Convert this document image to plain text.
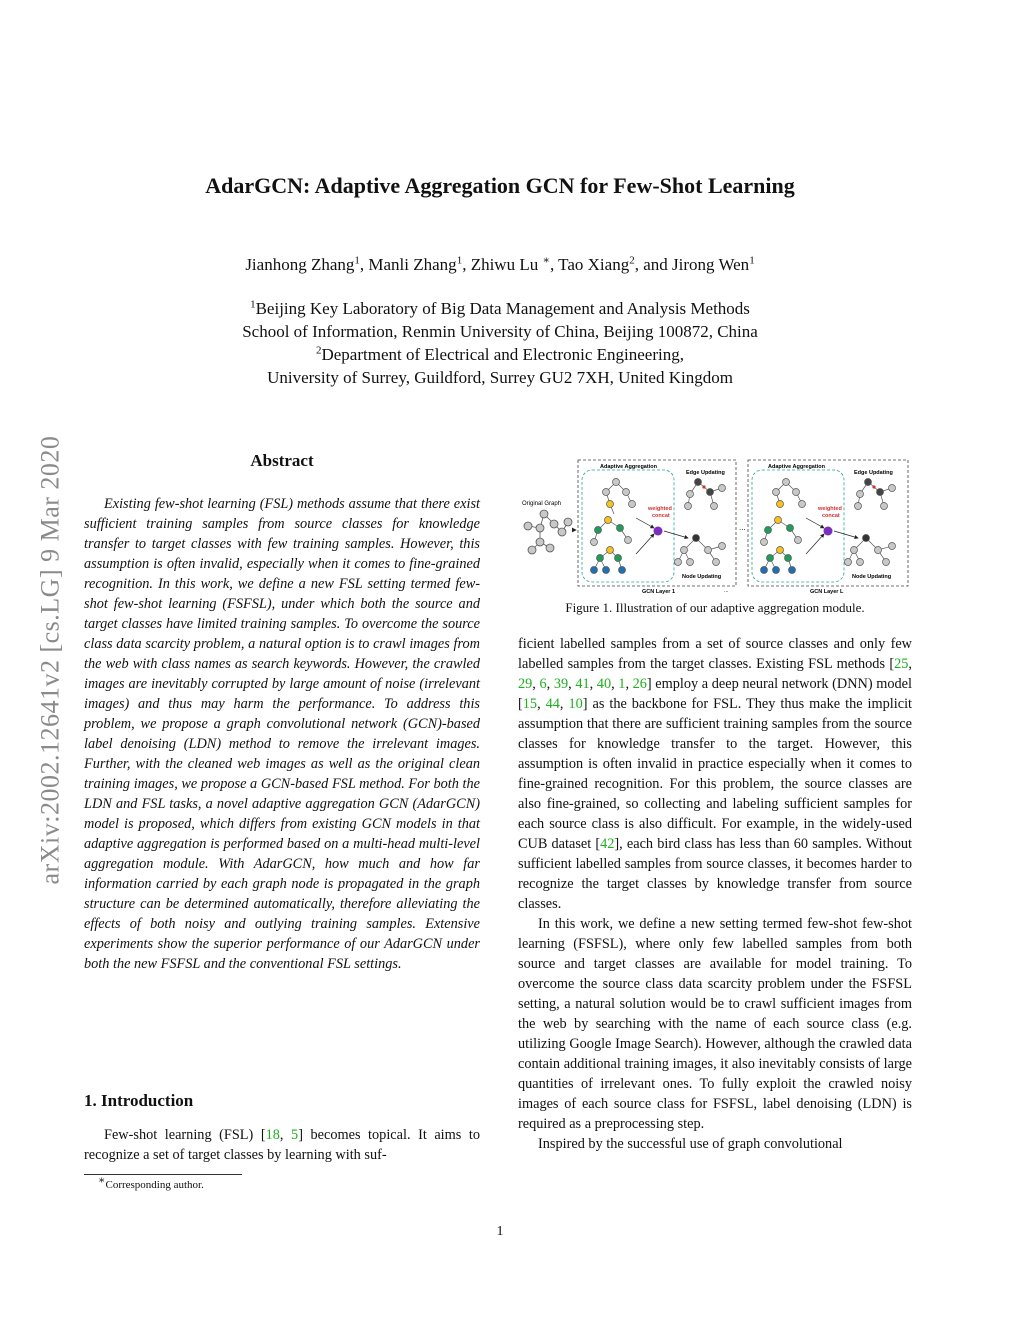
arXiv:2002.12641v2 [cs.LG] 9 Mar 2020
AdarGCN: Adaptive Aggregation GCN for Few-Shot Learning
Jianhong Zhang$^1$, Manli Zhang$^1$, Zhiwu Lu ∗, Tao Xiang$^2$, and Jirong Wen$^1$
$^1$Beijing Key Laboratory of Big Data Management and Analysis Methods
School of Information, Renmin University of China, Beijing 100872, China
$^2$Department of Electrical and Electronic Engineering,
University of Surrey, Guildford, Surrey GU2 7XH, United Kingdom
Abstract
Existing few-shot learning (FSL) methods assume that there exist sufficient training samples from source classes for knowledge transfer to target classes with few training samples. However, this assumption is often invalid, especially when it comes to fine-grained recognition. In this work, we define a new FSL setting termed few-shot few-shot learning (FSFSL), under which both the source and target classes have limited training samples. To overcome the source class data scarcity problem, a natural option is to crawl images from the web with class names as search keywords. However, the crawled images are inevitably corrupted by large amount of noise (irrelevant images) and thus may harm the performance. To address this problem, we propose a graph convolutional network (GCN)-based label denoising (LDN) method to remove the irrelevant images. Further, with the cleaned web images as well as the original clean training images, we propose a GCN-based FSL method. For both the LDN and FSL tasks, a novel adaptive aggregation GCN (AdarGCN) model is proposed, which differs from existing GCN models in that adaptive aggregation is performed based on a multi-head multi-level aggregation module. With AdarGCN, how much and how far information carried by each graph node is propagated in the graph structure can be determined automatically, therefore alleviating the effects of both noisy and outlying training samples. Extensive experiments show the superior performance of our AdarGCN under both the new FSFSL and the conventional FSL settings.
1. Introduction
Few-shot learning (FSL) [18, 5] becomes topical. It aims to recognize a set of target classes by learning with suf-
∗Corresponding author.
Original Graph
Adaptive Aggregation
Edge Updating
Node Updating
weighted
concat
GCN Layer 1
...
...
Adaptive Aggregation
Edge Updating
Node Updating
weighted
concat
GCN Layer L
Figure 1. Illustration of our adaptive aggregation module.

ficient labelled samples from a set of source classes and only few labelled samples from the target classes. Existing FSL methods [25, 29, 6, 39, 41, 40, 1, 26] employ a deep neural network (DNN) model [15, 44, 10] as the backbone for FSL. They thus make the implicit assumption that there are sufficient training samples from the source classes for knowledge transfer to the target. However, this assumption is often invalid in practice especially when it comes to fine-grained recognition. For this problem, the source classes are also fine-grained, so collecting and labeling sufficient samples for each source class is also difficult. For example, in the widely-used CUB dataset [42], each bird class has less than 60 samples. Without sufficient labelled samples from source classes, it becomes harder to recognize the target classes by knowledge transfer from source classes.

In this work, we define a new setting termed few-shot few-shot learning (FSFSL), where only few labelled samples from both source and target classes are available for model training. To overcome the source class data scarcity problem under the FSFSL setting, a natural solution would be to crawl sufficient images from the web by searching with the name of each source class (e.g. utilizing Google Image Search). However, although the crawled data contain additional training images, it also inevitably consists of large quantities of irrelevant ones. To fully exploit the crawled noisy images of each source class for FSFSL, label denoising (LDN) is required as a preprocessing step.

Inspired by the successful use of graph convolutional

1
